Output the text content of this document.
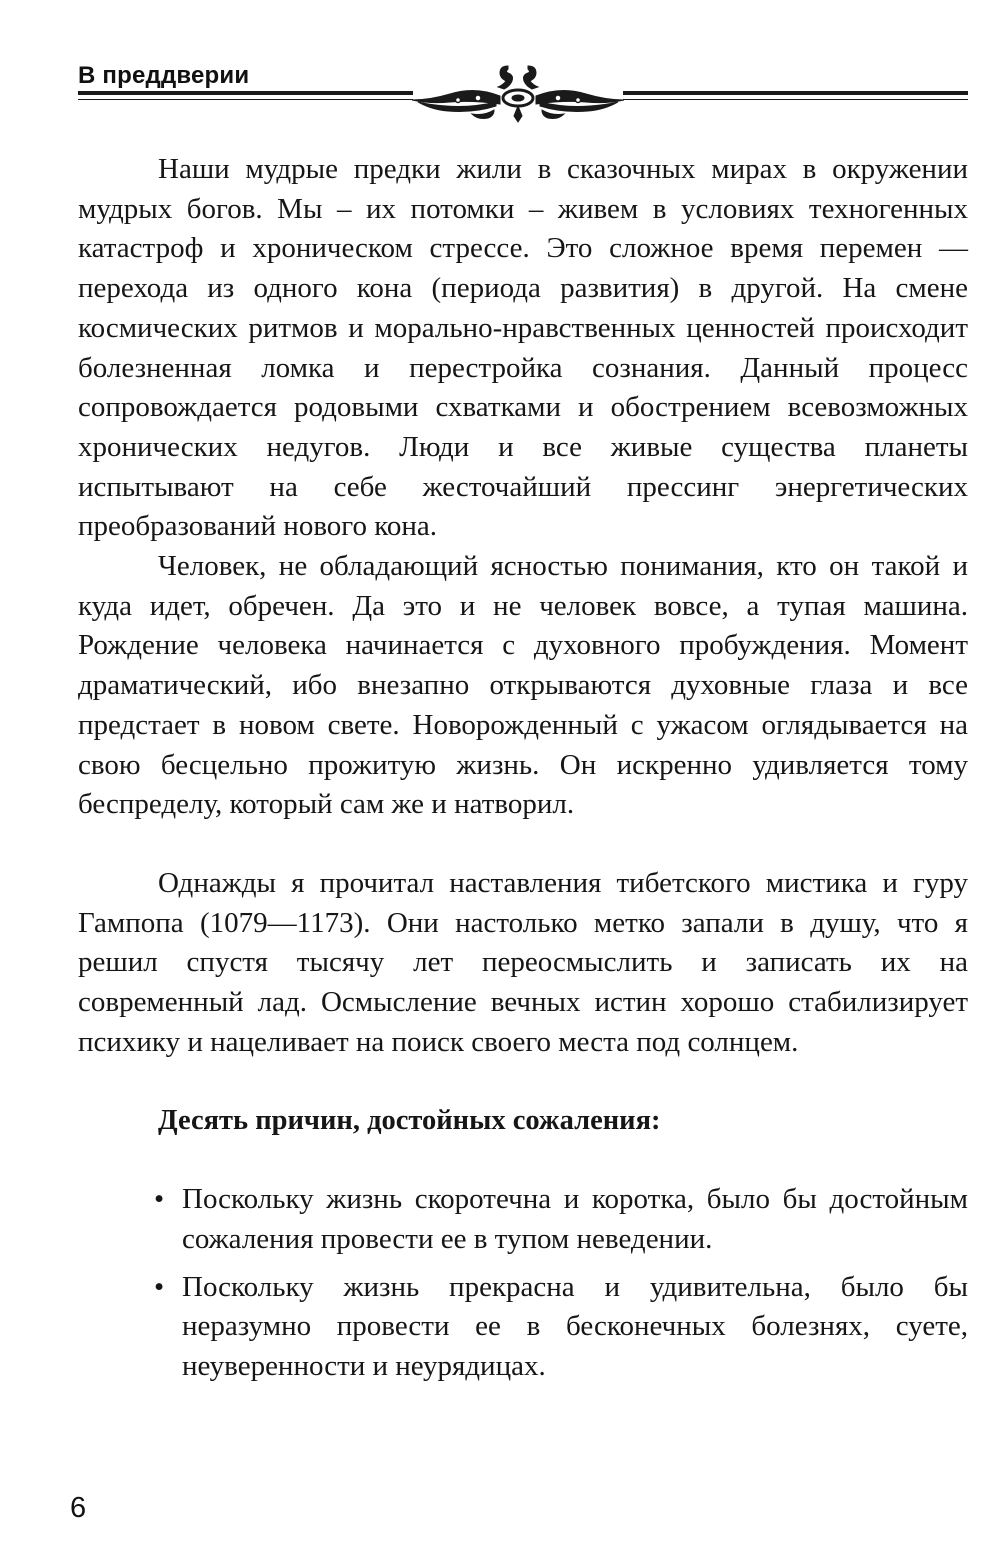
В преддверии

Наши мудрые предки жили в сказочных мирах в окружении мудрых богов. Мы – их потомки – живем в условиях техногенных катастроф и хроническом стрессе. Это сложное время перемен — перехода из одного кона (периода развития) в другой. На смене космических ритмов и морально-нравственных ценностей происходит болезненная ломка и перестройка сознания. Данный процесс сопровождается родовыми схватками и обострением всевозможных хронических недугов. Люди и все живые существа планеты испытывают на себе жесточайший прессинг энергетических преобразований нового кона.

Человек, не обладающий ясностью понимания, кто он такой и куда идет, обречен. Да это и не человек вовсе, а тупая машина. Рождение человека начинается с духовного пробуждения. Момент драматический, ибо внезапно открываются духовные глаза и все предстает в новом свете. Новорожденный с ужасом оглядывается на свою бесцельно прожитую жизнь. Он искренно удивляется тому беспределу, который сам же и натворил.

Однажды я прочитал наставления тибетского мистика и гуру Гампопа (1079—1173). Они настолько метко запали в душу, что я решил спустя тысячу лет переосмыслить и записать их на современный лад. Осмысление вечных истин хорошо стабилизирует психику и нацеливает на поиск своего места под солнцем.

Десять причин, достойных сожаления:
• Поскольку жизнь скоротечна и коротка, было бы достойным сожаления провести ее в тупом неведении.
• Поскольку жизнь прекрасна и удивительна, было бы неразумно провести ее в бесконечных болезнях, суете, неуверенности и неурядицах.
6
